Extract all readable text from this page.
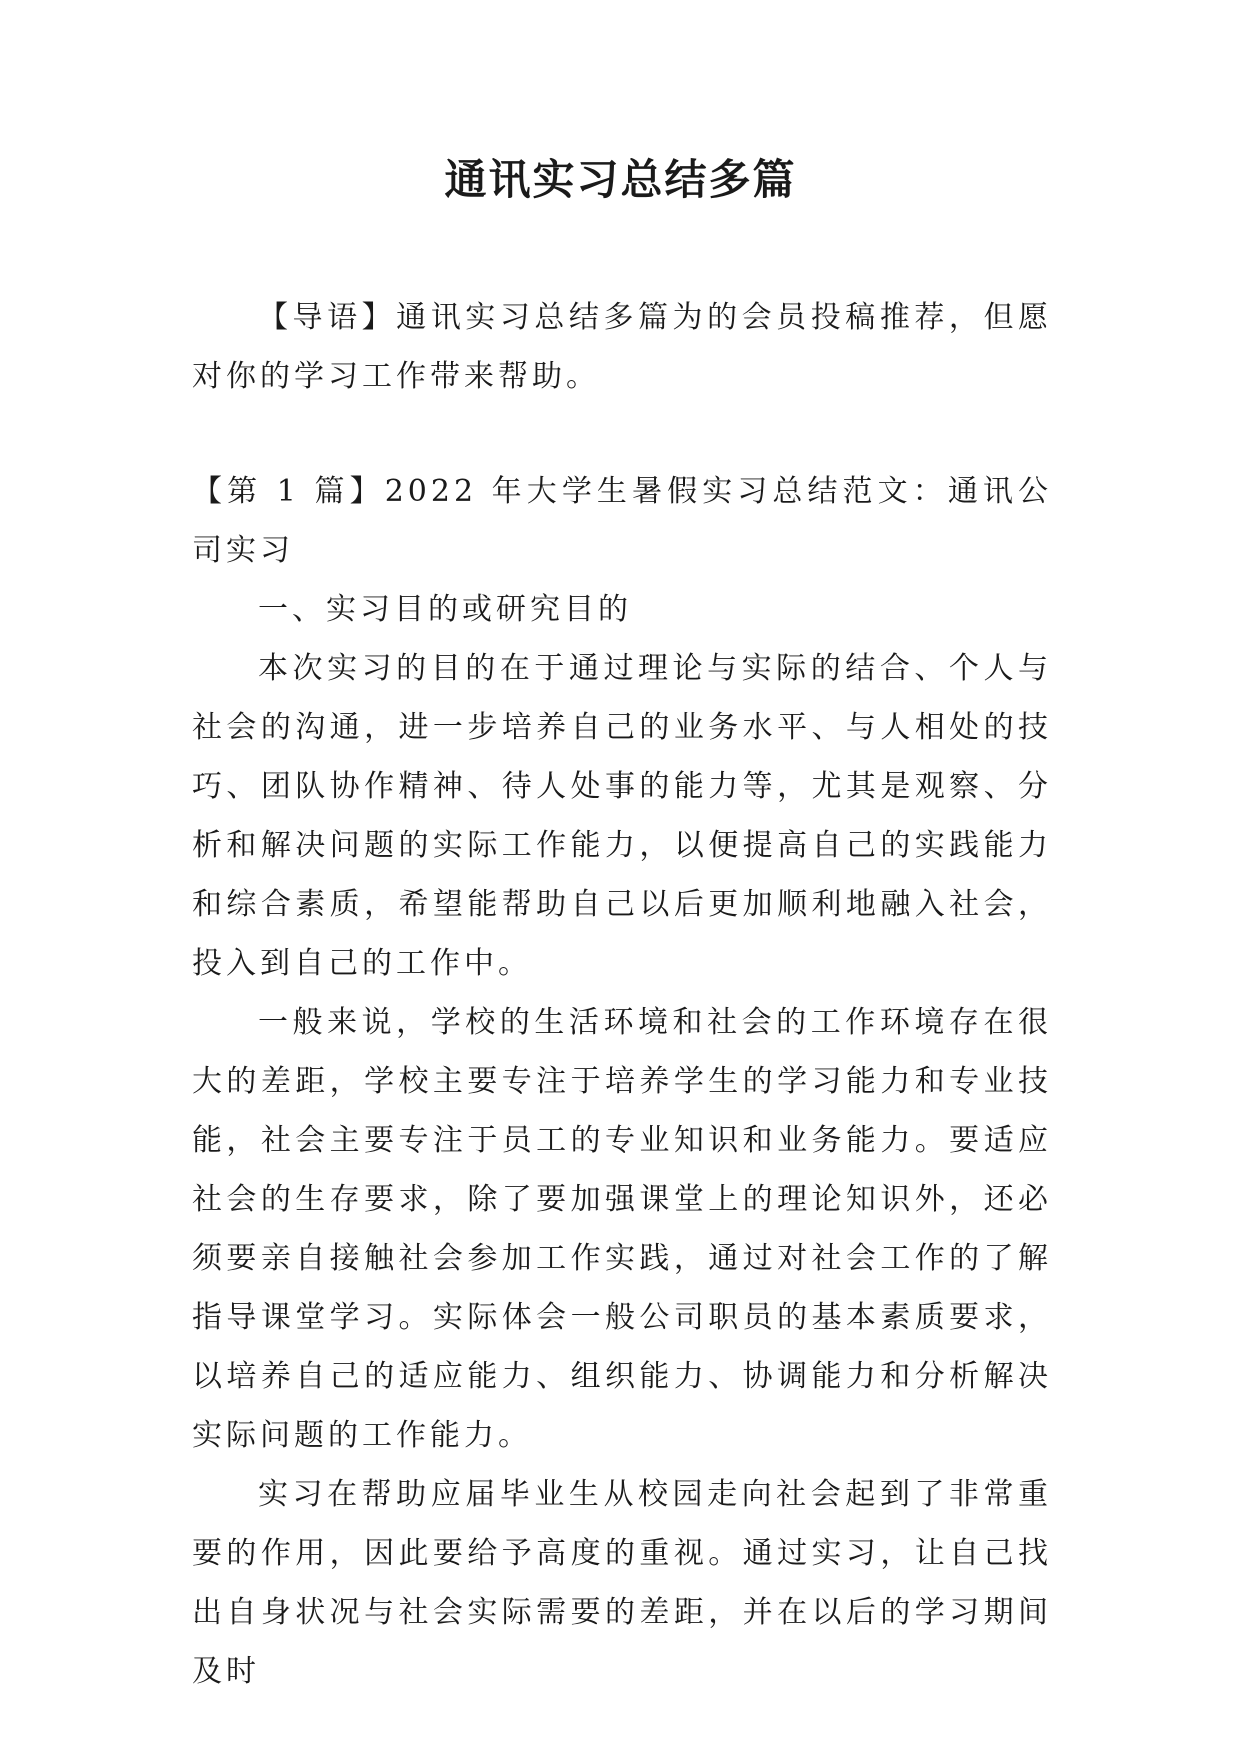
通讯实习总结多篇
【导语】通讯实习总结多篇为的会员投稿推荐，但愿对你的学习工作带来帮助。

【第 1 篇】2022 年大学生暑假实习总结范文：通讯公司实习

一、实习目的或研究目的

本次实习的目的在于通过理论与实际的结合、个人与社会的沟通，进一步培养自己的业务水平、与人相处的技巧、团队协作精神、待人处事的能力等，尤其是观察、分析和解决问题的实际工作能力，以便提高自己的实践能力和综合素质，希望能帮助自己以后更加顺利地融入社会，投入到自己的工作中。

一般来说，学校的生活环境和社会的工作环境存在很大的差距，学校主要专注于培养学生的学习能力和专业技能，社会主要专注于员工的专业知识和业务能力。要适应社会的生存要求，除了要加强课堂上的理论知识外，还必须要亲自接触社会参加工作实践，通过对社会工作的了解指导课堂学习。实际体会一般公司职员的基本素质要求，以培养自己的适应能力、组织能力、协调能力和分析解决实际问题的工作能力。

实习在帮助应届毕业生从校园走向社会起到了非常重要的作用，因此要给予高度的重视。通过实习，让自己找出自身状况与社会实际需要的差距，并在以后的学习期间及时
